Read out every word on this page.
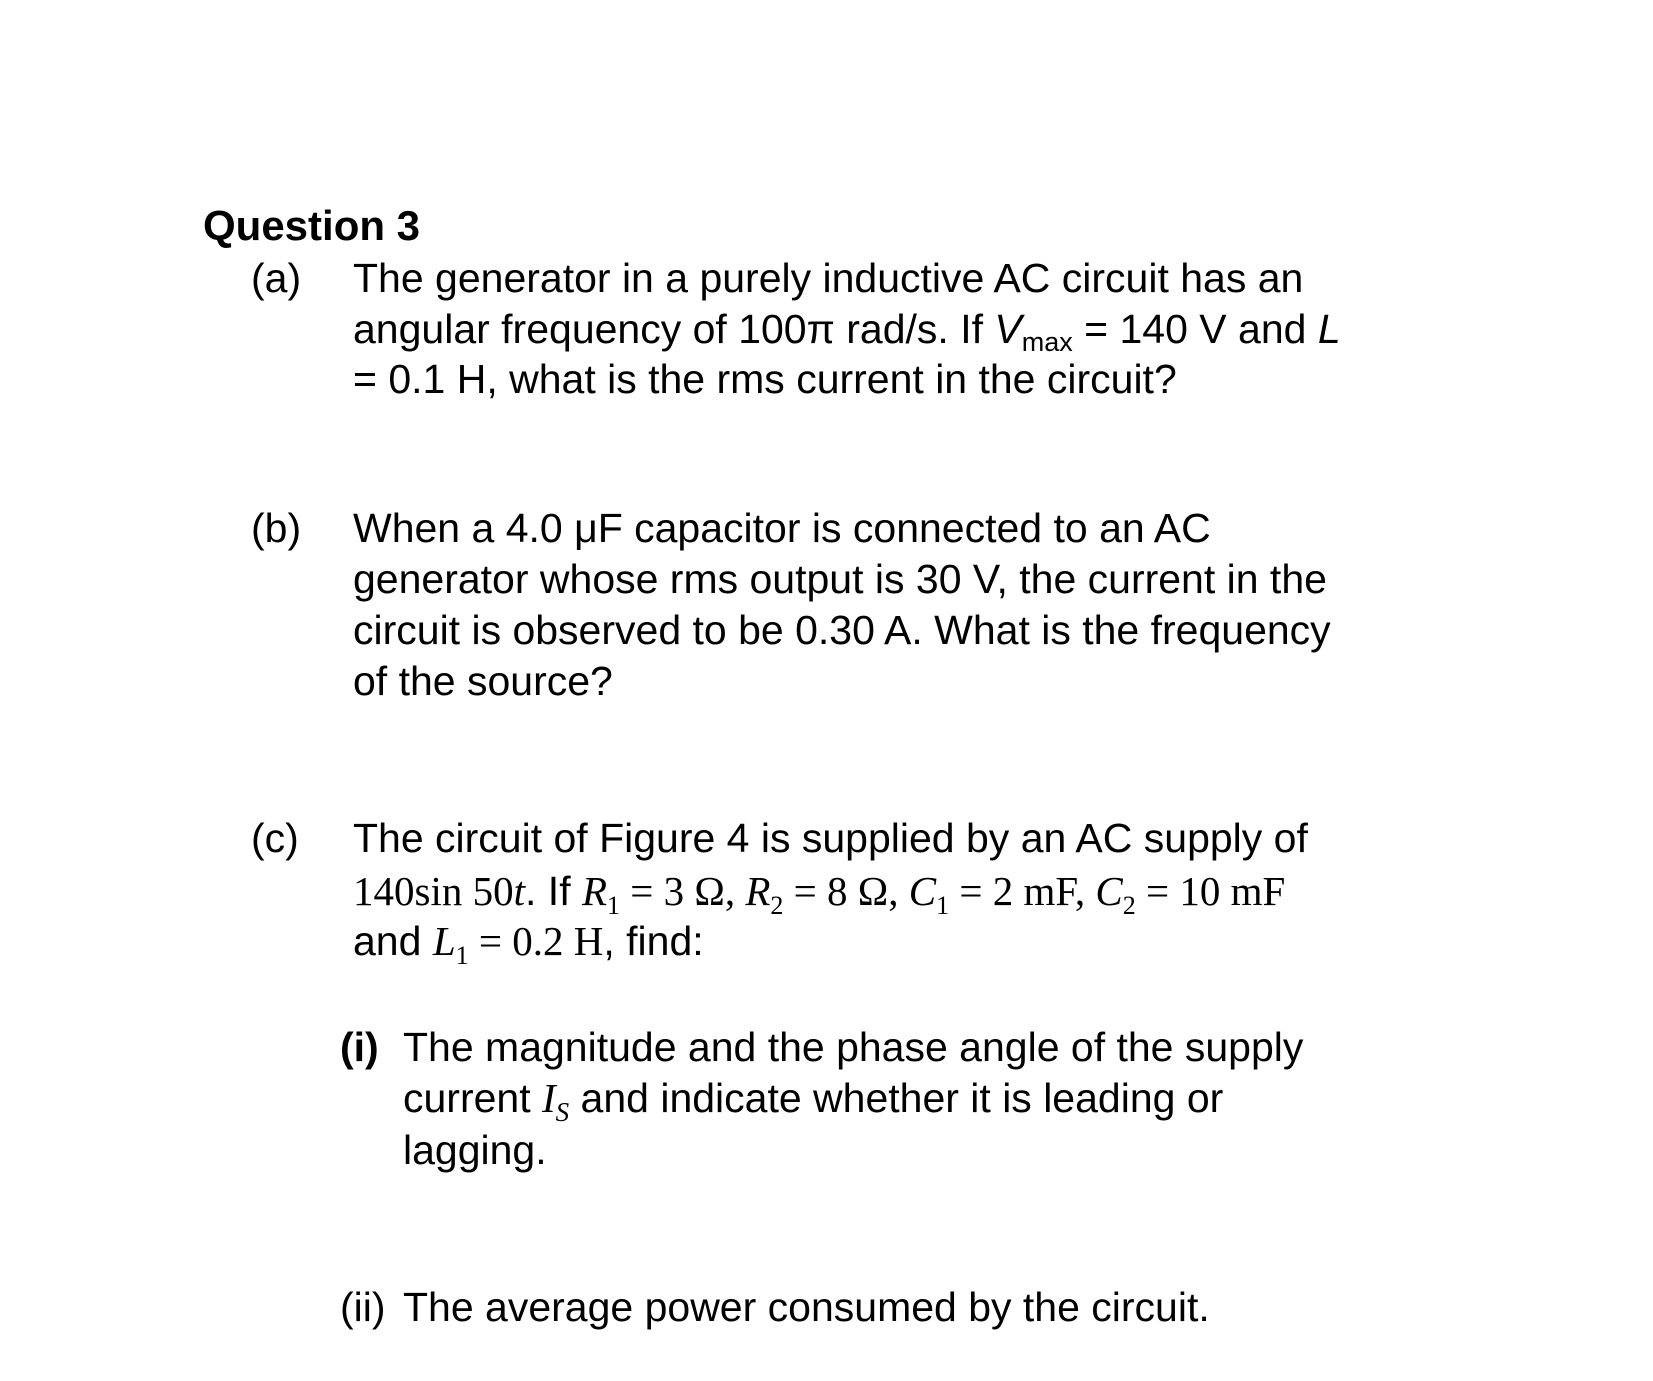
Question 3
(a) The generator in a purely inductive AC circuit has an
angular frequency of 100π rad/s. If Vmax = 140 V and L
= 0.1 H, what is the rms current in the circuit?
(b) When a 4.0 μF capacitor is connected to an AC
generator whose rms output is 30 V, the current in the
circuit is observed to be 0.30 A. What is the frequency
of the source?
(c) The circuit of Figure 4 is supplied by an AC supply of
140sin 50t. If $R_1 = 3$ Ω, $R_2 = 8$ Ω, $C_1 = 2$ mF, $C_2 = 10$ mF
and $L_1 = 0.2$ H, find:
(i) The magnitude and the phase angle of the supply
current $I_S$ and indicate whether it is leading or
lagging.
(ii) The average power consumed by the circuit.
